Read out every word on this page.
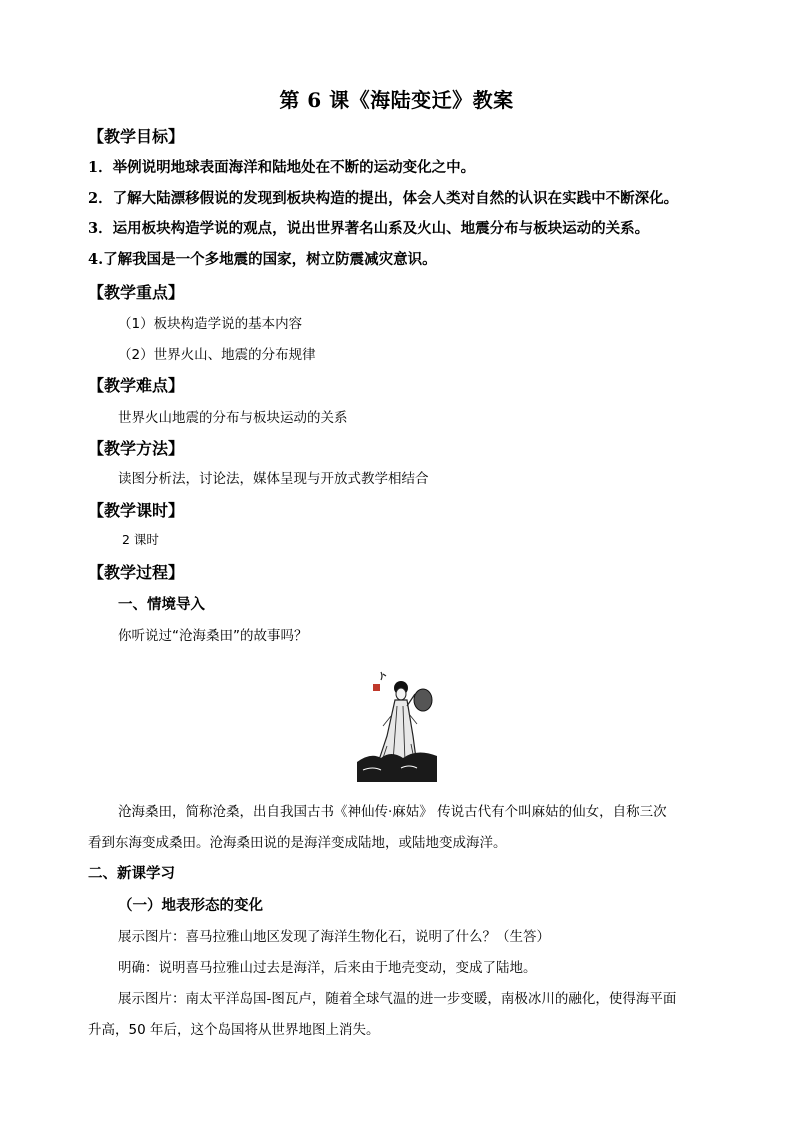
第 6 课《海陆变迁》教案
【教学目标】
1．举例说明地球表面海洋和陆地处在不断的运动变化之中。
2．了解大陆漂移假说的发现到板块构造的提出，体会人类对自然的认识在实践中不断深化。
3．运用板块构造学说的观点，说出世界著名山系及火山、地震分布与板块运动的关系。
4.了解我国是一个多地震的国家，树立防震减灾意识。
【教学重点】
（1）板块构造学说的基本内容
（2）世界火山、地震的分布规律
【教学难点】
世界火山地震的分布与板块运动的关系
【教学方法】
读图分析法，讨论法，媒体呈现与开放式教学相结合
【教学课时】
2 课时
【教学过程】
一、情境导入
你听说过“沧海桑田”的故事吗？
沧海桑田，简称沧桑，出自我国古书《神仙传·麻姑》 传说古代有个叫麻姑的仙女，自称三次
看到东海变成桑田。沧海桑田说的是海洋变成陆地，或陆地变成海洋。
二、新课学习
（一）地表形态的变化
展示图片：喜马拉雅山地区发现了海洋生物化石，说明了什么？（生答）
明确：说明喜马拉雅山过去是海洋，后来由于地壳变动，变成了陆地。
展示图片：南太平洋岛国-图瓦卢，随着全球气温的进一步变暖，南极冰川的融化，使得海平面
升高，50 年后，这个岛国将从世界地图上消失。
